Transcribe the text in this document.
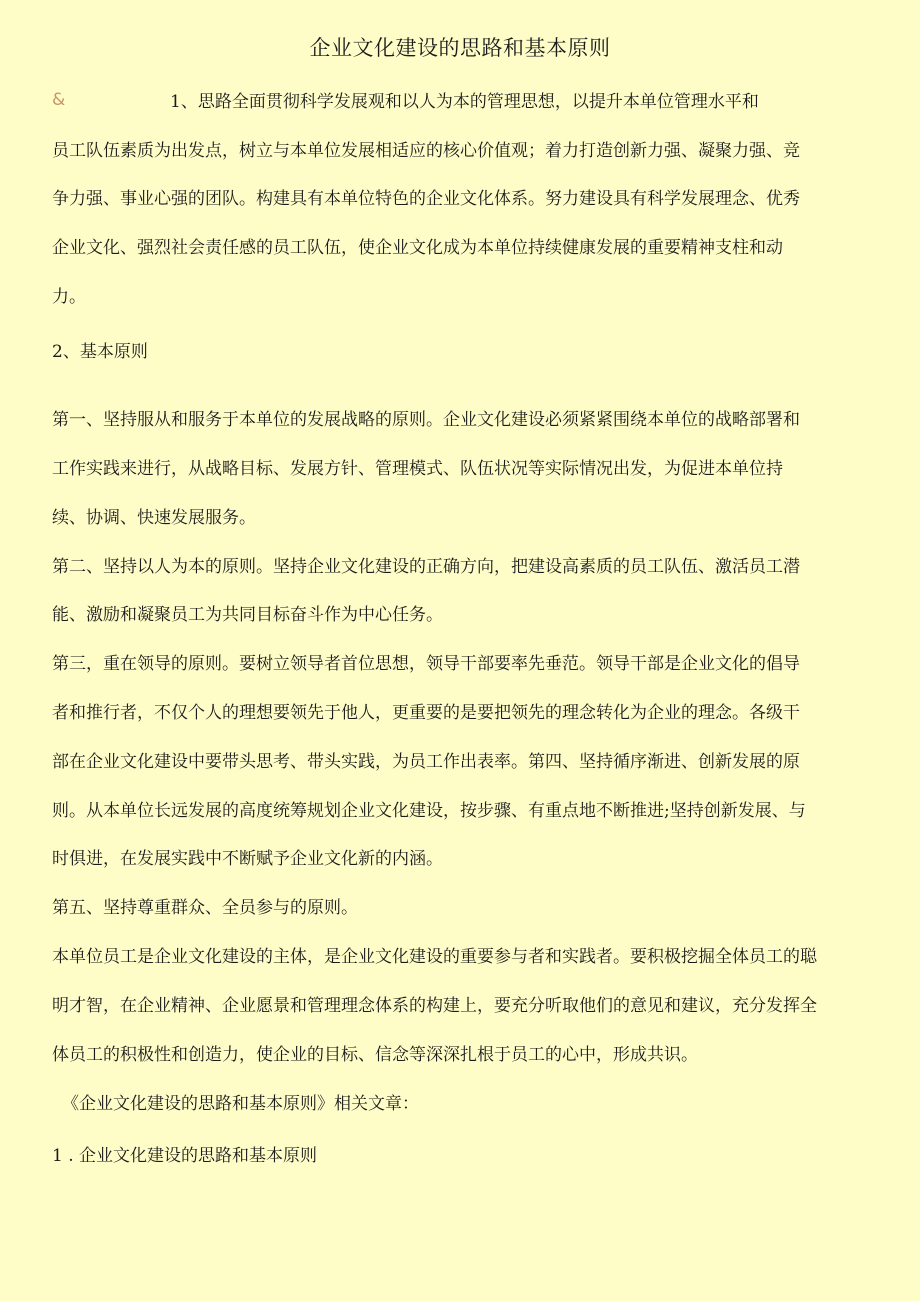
企业文化建设的思路和基本原则
&	1、思路全面贯彻科学发展观和以人为本的管理思想，以提升本单位管理水平和
员工队伍素质为出发点，树立与本单位发展相适应的核心价值观；着力打造创新力强、凝聚力强、竞
争力强、事业心强的团队。构建具有本单位特色的企业文化体系。努力建设具有科学发展理念、优秀
企业文化、强烈社会责任感的员工队伍，使企业文化成为本单位持续健康发展的重要精神支柱和动
力。
2、基本原则
第一、坚持服从和服务于本单位的发展战略的原则。企业文化建设必须紧紧围绕本单位的战略部署和
工作实践来进行，从战略目标、发展方针、管理模式、队伍状况等实际情况出发，为促进本单位持
续、协调、快速发展服务。
第二、坚持以人为本的原则。坚持企业文化建设的正确方向，把建设高素质的员工队伍、激活员工潜
能、激励和凝聚员工为共同目标奋斗作为中心任务。
第三，重在领导的原则。要树立领导者首位思想，领导干部要率先垂范。领导干部是企业文化的倡导
者和推行者，不仅个人的理想要领先于他人，更重要的是要把领先的理念转化为企业的理念。各级干
部在企业文化建设中要带头思考、带头实践，为员工作出表率。第四、坚持循序渐进、创新发展的原
则。从本单位长远发展的高度统筹规划企业文化建设，按步骤、有重点地不断推进;坚持创新发展、与
时俱进，在发展实践中不断赋予企业文化新的内涵。
第五、坚持尊重群众、全员参与的原则。
本单位员工是企业文化建设的主体，是企业文化建设的重要参与者和实践者。要积极挖掘全体员工的聪
明才智，在企业精神、企业愿景和管理理念体系的构建上，要充分听取他们的意见和建议，充分发挥全
体员工的积极性和创造力，使企业的目标、信念等深深扎根于员工的心中，形成共识。
《企业文化建设的思路和基本原则》相关文章：
1 . 企业文化建设的思路和基本原则
